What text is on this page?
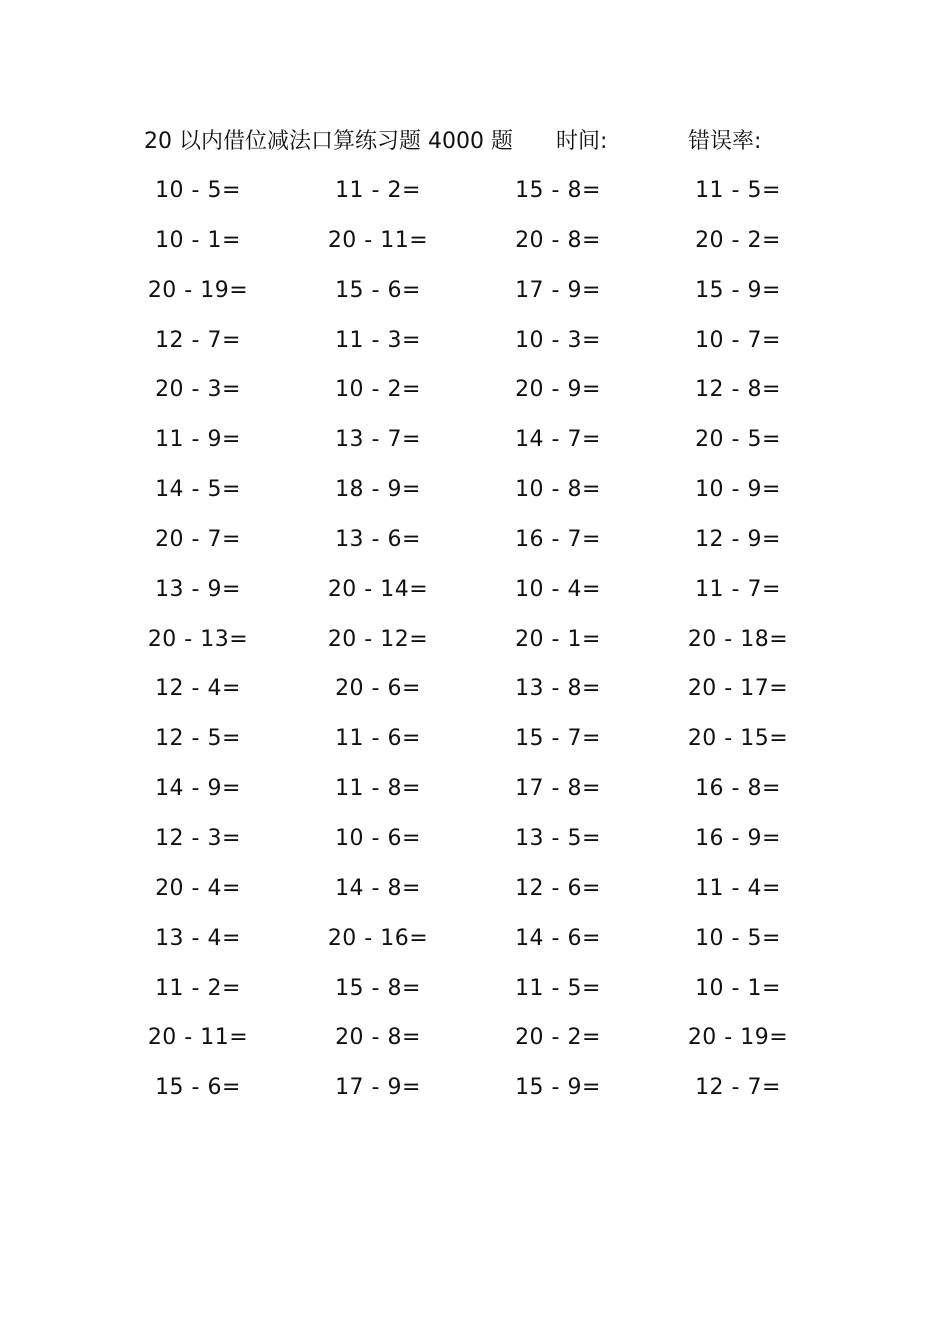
20 以内借位减法口算练习题 4000 题 时间:	错误率:
10 - 5=	11 - 2=	15 - 8=	11 - 5=
10 - 1=	20 - 11=	20 - 8=	20 - 2=
20 - 19=	15 - 6=	17 - 9=	15 - 9=
12 - 7=	11 - 3=	10 - 3=	10 - 7=
20 - 3=	10 - 2=	20 - 9=	12 - 8=
11 - 9=	13 - 7=	14 - 7=	20 - 5=
14 - 5=	18 - 9=	10 - 8=	10 - 9=
20 - 7=	13 - 6=	16 - 7=	12 - 9=
13 - 9=	20 - 14=	10 - 4=	11 - 7=
20 - 13=	20 - 12=	20 - 1=	20 - 18=
12 - 4=	20 - 6=	13 - 8=	20 - 17=
12 - 5=	11 - 6=	15 - 7=	20 - 15=
14 - 9=	11 - 8=	17 - 8=	16 - 8=
12 - 3=	10 - 6=	13 - 5=	16 - 9=
20 - 4=	14 - 8=	12 - 6=	11 - 4=
13 - 4=	20 - 16=	14 - 6=	10 - 5=
11 - 2=	15 - 8=	11 - 5=	10 - 1=
20 - 11=	20 - 8=	20 - 2=	20 - 19=
15 - 6=	17 - 9=	15 - 9=	12 - 7=
